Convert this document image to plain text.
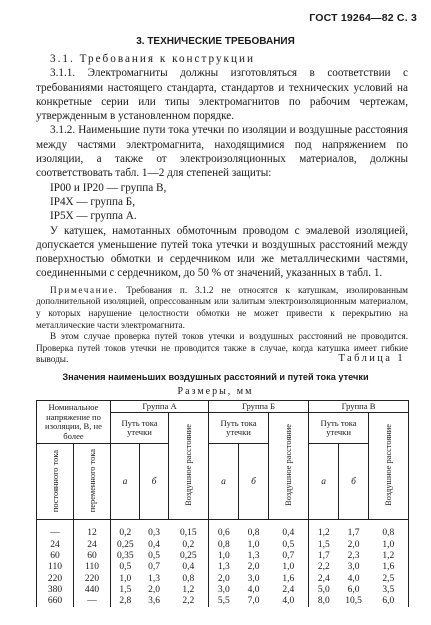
ГОСТ 19264—82 С. 3
3. ТЕХНИЧЕСКИЕ ТРЕБОВАНИЯ

3.1. Требования к конструкции

3.1.1. Электромагниты должны изготовляться в соответствии с требованиями настоящего стандарта, стандартов и технических условий на конкретные серии или типы электромагнитов по рабочим чертежам, утвержденным в установленном порядке.

3.1.2. Наименьшие пути тока утечки по изоляции и воздушные расстояния между частями электромагнита, находящимися под напряжением по изоляции, а также от электроизоляционных материалов, должны соответствовать табл. 1—2 для степеней защиты:

IP00 и IP20 — группа В,

IP4X — группа Б,

IP5X — группа А.

У катушек, намотанных обмоточным проводом с эмалевой изоляцией, допускается уменьшение путей тока утечки и воздушных расстояний между поверхностью обмотки и сердечником или же металлическими частями, соединенными с сердечником, до 50 % от значений, указанных в табл. 1.

Примечание. Требования п. 3.1.2 не относятся к катушкам, изолированным дополнительной изоляцией, опрессованным или залитым электроизоляционным материалом, у которых нарушение целостности обмотки не может привести к перекрытию на металлические части электромагнита.

В этом случае проверка путей токов утечки и воздушных расстояний не проводится. Проверка путей токов утечки не проводится также в случае, когда катушка имеет гибкие выводы.	Таблица 1
Значения наименьших воздушных расстояний и путей тока утечки
Размеры, мм
Номинальное напряжение по изоляции, В, не более		Группа А			Группа Б			Группа В		
		Путь тока утечки		Воздушное расстояние	Путь тока утечки		Воздушное расстояние	Путь тока утечки		Воздушное расстояние
постоянного тока	переменного тока	а	б		а	б		а	б	
—	12	0,2	0,3	0,15	0,6	0,8	0,4	1,2	1,7	0,8
24	24	0,25	0,4	0,2	0,8	1,0	0,5	1,5	2,0	1,0
60	60	0,35	0,5	0,25	1,0	1,3	0,7	1,7	2,3	1,2
110	110	0,5	0,7	0,4	1,3	2,0	1,0	2,2	3,0	1,6
220	220	1,0	1,3	0,8	2,0	3,0	1,6	2,4	4,0	2,5
380	440	1,5	2,0	1,2	3,0	4,0	2,4	5,0	6,0	3,5
660	—	2,8	3,6	2,2	5,5	7,0	4,0	8,0	10,5	6,0
